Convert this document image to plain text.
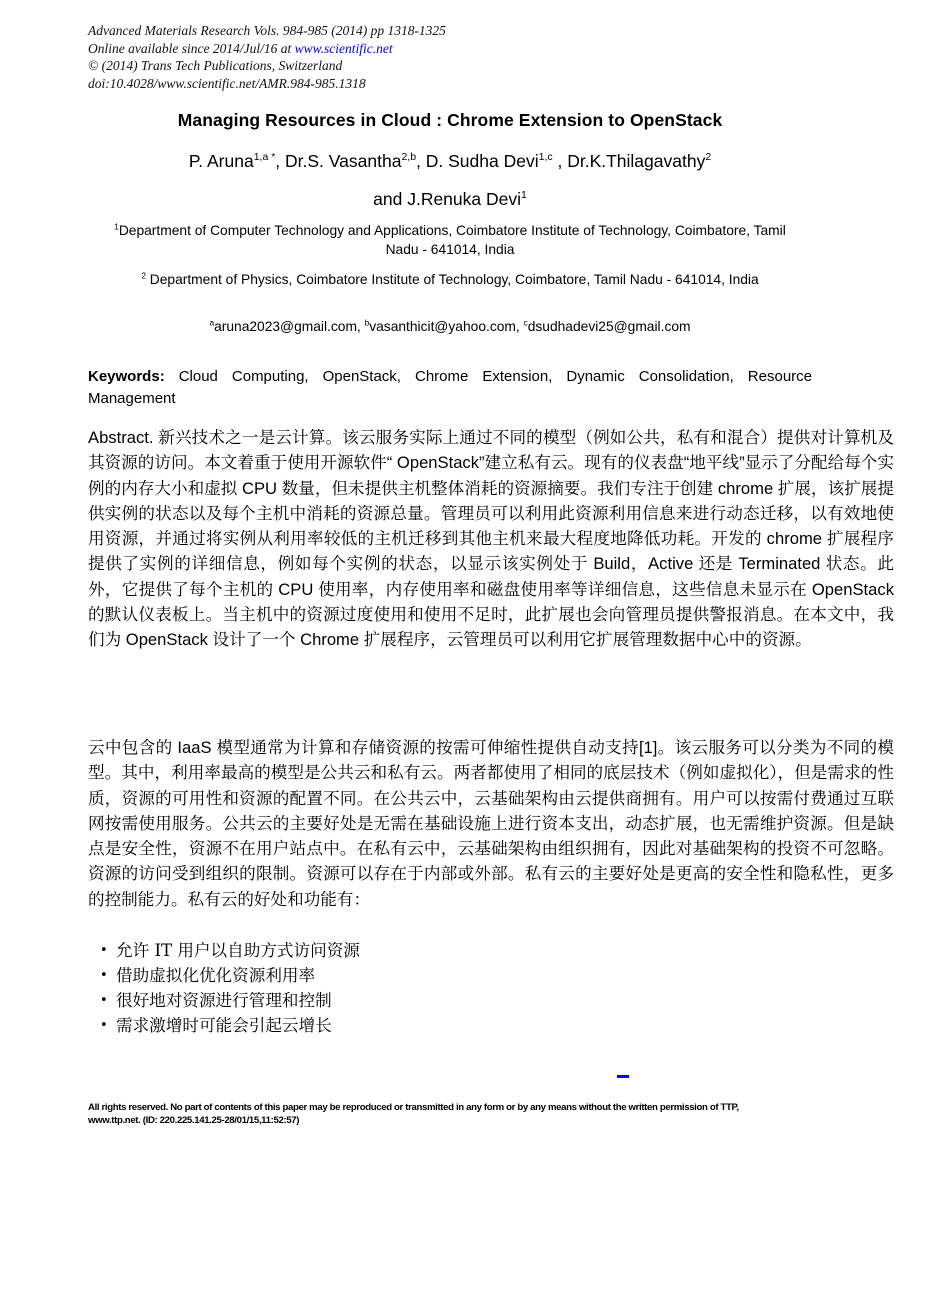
Advanced Materials Research Vols. 984-985 (2014) pp 1318-1325
Online available since 2014/Jul/16 at www.scientific.net
© (2014) Trans Tech Publications, Switzerland
doi:10.4028/www.scientific.net/AMR.984-985.1318
Managing Resources in Cloud : Chrome Extension to OpenStack
P. Aruna$^{1,a *}$, Dr.S. Vasantha$^{2,b}$, D. Sudha Devi$^{1,c}$ , Dr.K.Thilagavathy$^2$
and J.Renuka Devi$^1$
$^1$Department of Computer Technology and Applications, Coimbatore Institute of Technology, Coimbatore, Tamil Nadu - 641014, India
$^2$ Department of Physics, Coimbatore Institute of Technology, Coimbatore, Tamil Nadu - 641014, India
$^a$aruna2023@gmail.com, $^b$vasanthicit@yahoo.com, $^c$dsudhadevi25@gmail.com
Keywords: Cloud Computing, OpenStack, Chrome Extension, Dynamic Consolidation, Resource Management
Abstract. 新兴技术之一是云计算。该云服务实际上通过不同的模型（例如公共，私有和混合）提供对计算机及其资源的访问。本文着重于使用开源软件“ OpenStack”建立私有云。现有的仪表盘“地平线”显示了分配给每个实例的内存大小和虚拟 CPU 数量，但未提供主机整体消耗的资源摘要。我们专注于创建 chrome 扩展，该扩展提供实例的状态以及每个主机中消耗的资源总量。管理员可以利用此资源利用信息来进行动态迁移，以有效地使用资源，并通过将实例从利用率较低的主机迁移到其他主机来最大程度地降低功耗。开发的 chrome 扩展程序提供了实例的详细信息，例如每个实例的状态，以显示该实例处于 Build，Active 还是 Terminated 状态。此外，它提供了每个主机的 CPU 使用率，内存使用率和磁盘使用率等详细信息，这些信息未显示在 OpenStack 的默认仪表板上。当主机中的资源过度使用和使用不足时，此扩展也会向管理员提供警报消息。在本文中，我们为 OpenStack 设计了一个 Chrome 扩展程序，云管理员可以利用它扩展管理数据中心中的资源。
云中包含的 IaaS 模型通常为计算和存储资源的按需可伸缩性提供自动支持[1]。该云服务可以分类为不同的模型。其中，利用率最高的模型是公共云和私有云。两者都使用了相同的底层技术（例如虚拟化），但是需求的性质，资源的可用性和资源的配置不同。在公共云中，云基础架构由云提供商拥有。用户可以按需付费通过互联网按需使用服务。公共云的主要好处是无需在基础设施上进行资本支出，动态扩展，也无需维护资源。但是缺点是安全性，资源不在用户站点中。在私有云中，云基础架构由组织拥有，因此对基础架构的投资不可忽略。资源的访问受到组织的限制。资源可以存在于内部或外部。私有云的主要好处是更高的安全性和隐私性，更多的控制能力。私有云的好处和功能有：
• 允许 IT 用户以自助方式访问资源
• 借助虚拟化优化资源利用率
• 很好地对资源进行管理和控制
• 需求激增时可能会引起云增长
All rights reserved. No part of contents of this paper may be reproduced or transmitted in any form or by any means without the written permission of TTP,
www.ttp.net. (ID: 220.225.141.25-28/01/15,11:52:57)
